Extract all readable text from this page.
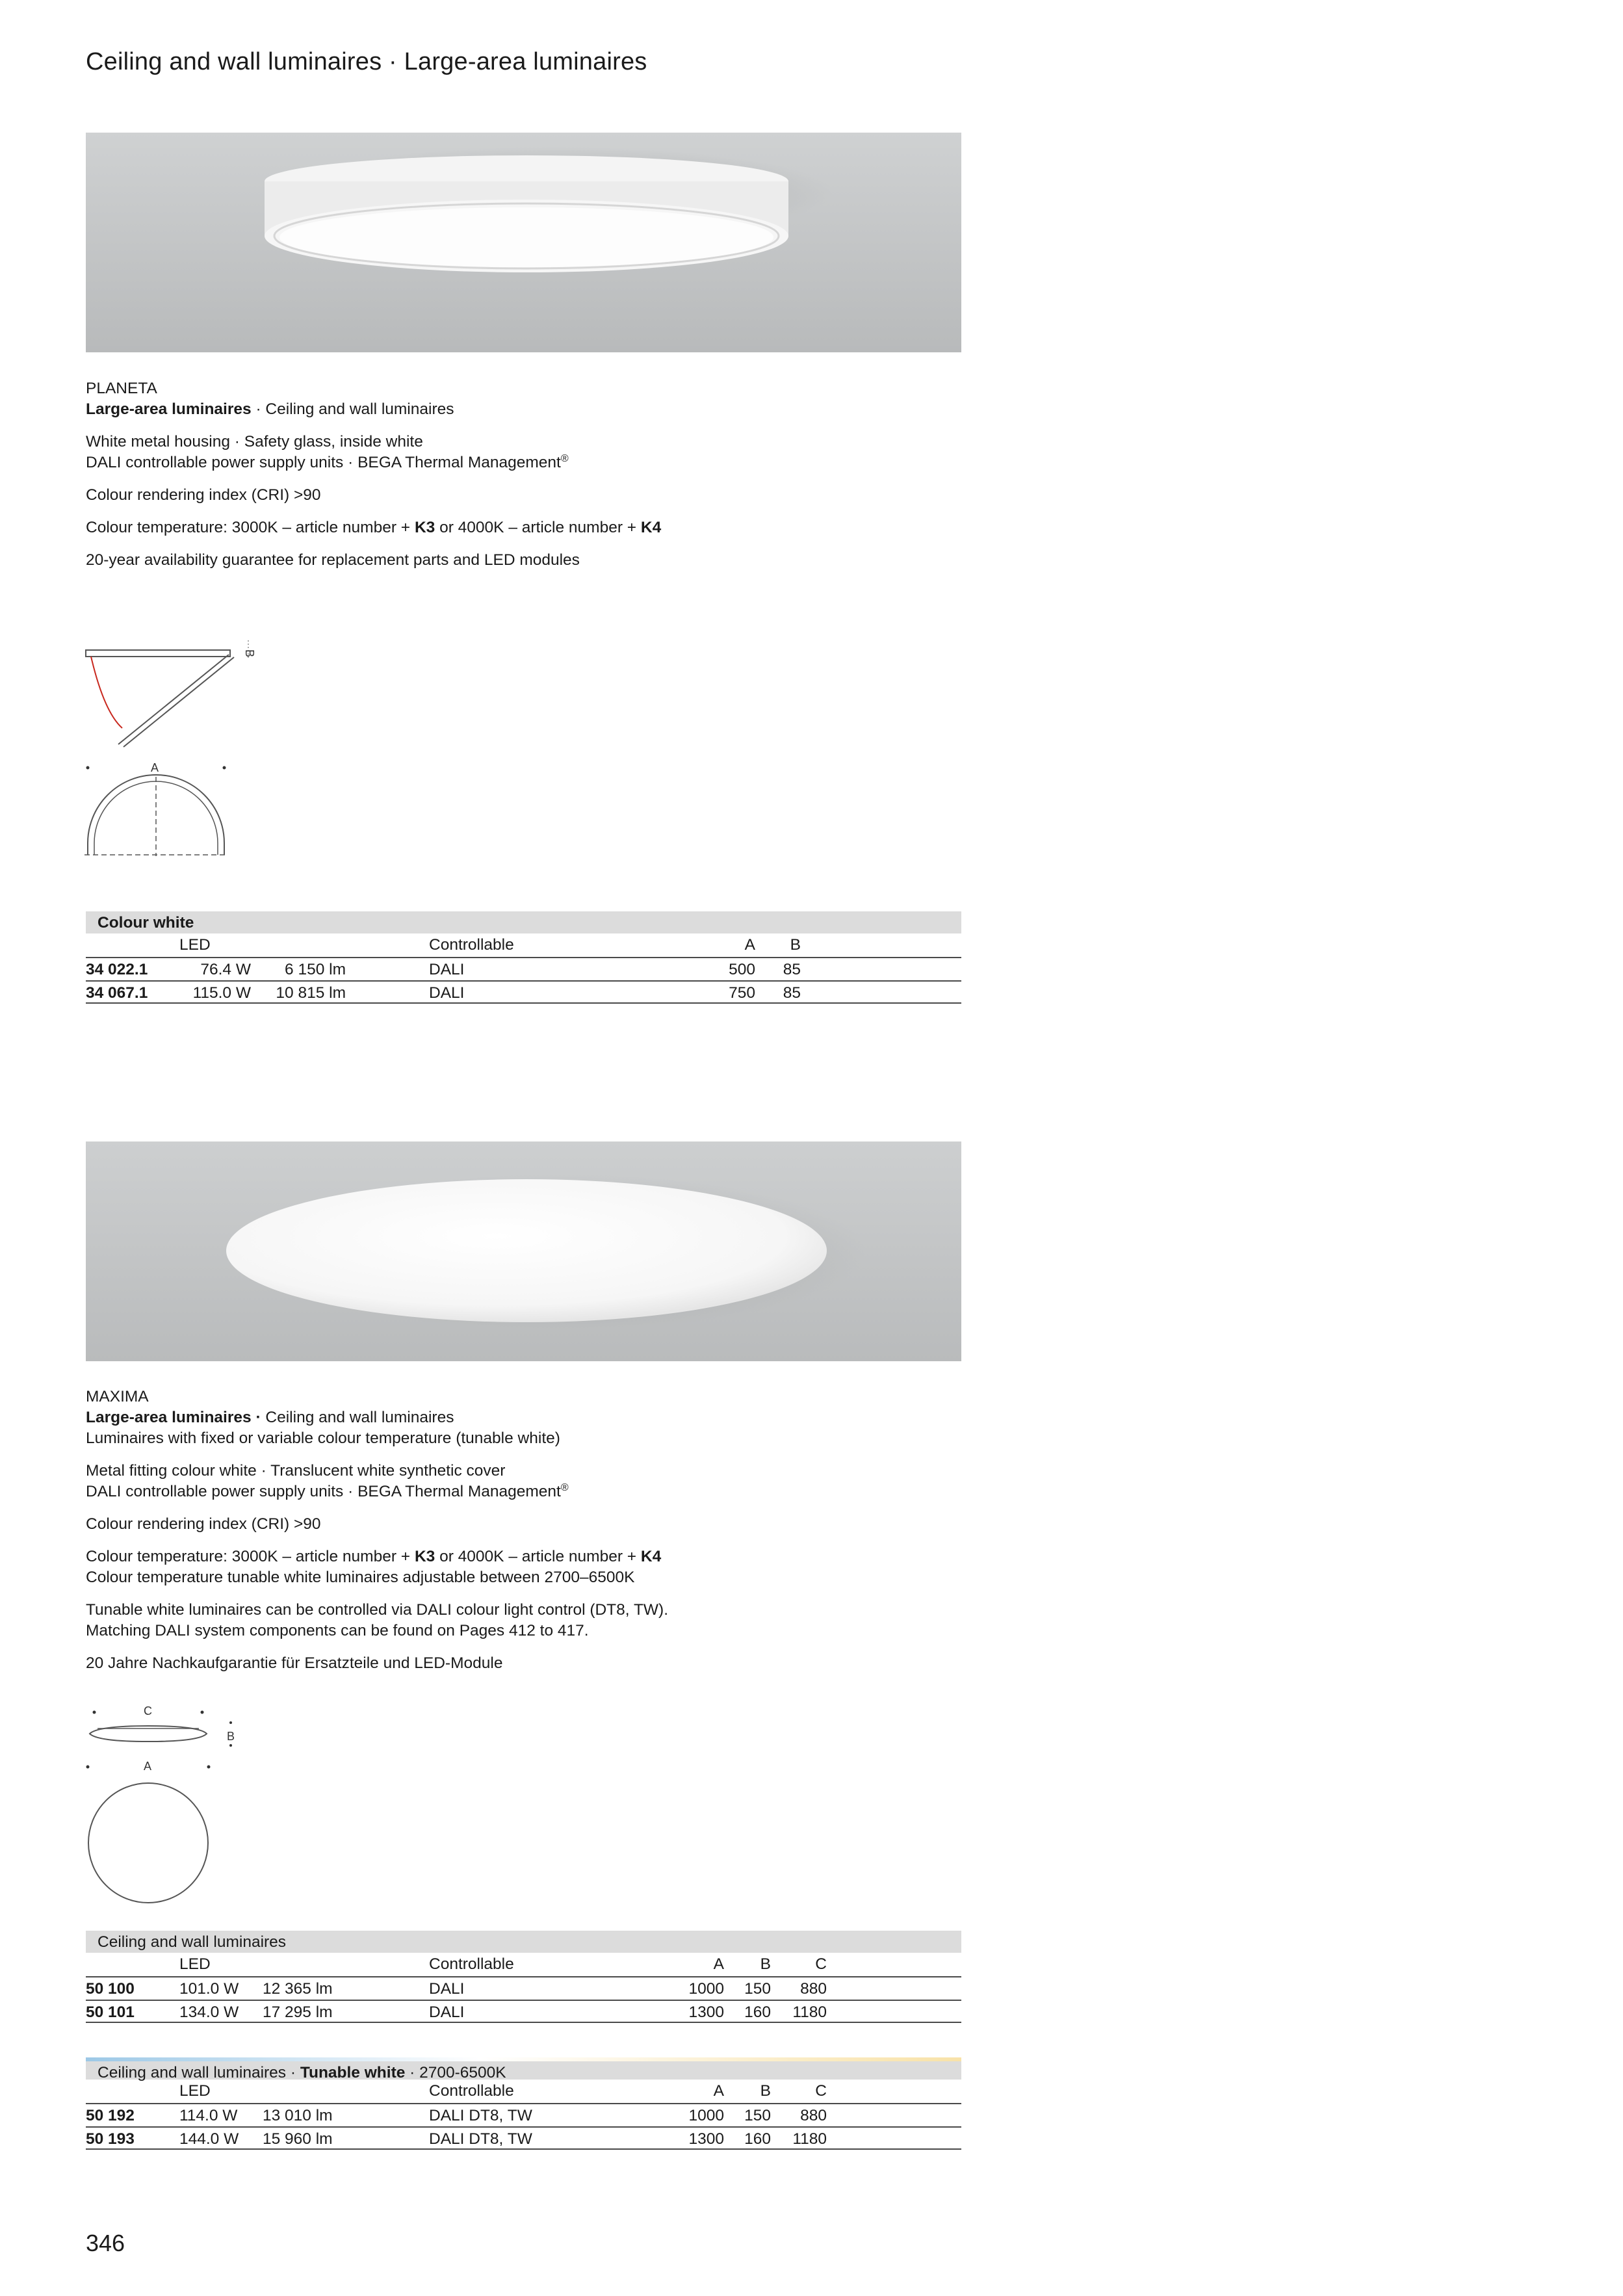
Ceiling and wall luminaires · Large-area luminaires

PLANETA

Large-area luminaires · Ceiling and wall luminaires

White metal housing · Safety glass, inside white
DALI controllable power supply units · BEGA Thermal Management®

Colour rendering index (CRI) >90

Colour temperature: 3000K – article number + K3 or 4000K – article number + K4

20-year availability guarantee for replacement parts and LED modules

B
A
Colour white
LED	Controllable	A	B
34 022.1	76.4 W	6 150 lm	DALI	500	85
34 067.1	115.0 W	10 815 lm	DALI	750	85

MAXIMA

Large-area luminaires · Ceiling and wall luminaires

Luminaires with fixed or variable colour temperature (tunable white)

Metal fitting colour white · Translucent white synthetic cover
DALI controllable power supply units · BEGA Thermal Management®

Colour rendering index (CRI) >90

Colour temperature: 3000K – article number + K3 or 4000K – article number + K4
Colour temperature tunable white luminaires adjustable between 2700–6500K

Tunable white luminaires can be controlled via DALI colour light control (DT8, TW).
Matching DALI system components can be found on Pages 412 to 417.

20 Jahre Nachkaufgarantie für Ersatzteile und LED-Module

C
B
A
Ceiling and wall luminaires
LED	Controllable	A	B	C
50 100	101.0 W 12 365 lm	DALI	1000	150	880
50 101	134.0 W 17 295 lm	DALI	1300	160	1180
Ceiling and wall luminaires · Tunable white · 2700-6500K
LED	Controllable	A	B	C
50 192	114.0 W 13 010 lm	DALI DT8, TW	1000	150	880
50 193	144.0 W 15 960 lm	DALI DT8, TW	1300	160	1180
346
